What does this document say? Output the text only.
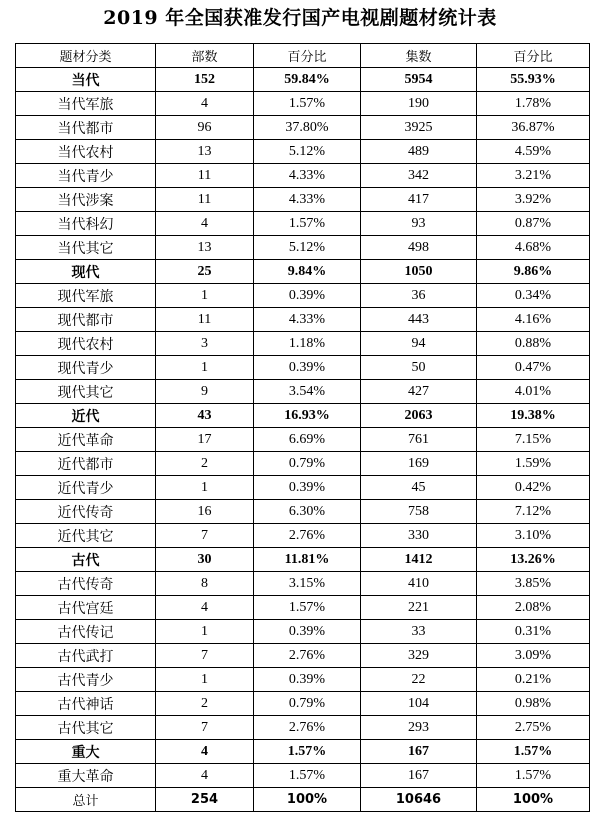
2019 年全国获准发行国产电视剧题材统计表
题材分类	部数	百分比	集数	百分比
当代	152	59.84%	5954	55.93%
当代军旅	4	1.57%	190	1.78%
当代都市	96	37.80%	3925	36.87%
当代农村	13	5.12%	489	4.59%
当代青少	11	4.33%	342	3.21%
当代涉案	11	4.33%	417	3.92%
当代科幻	4	1.57%	93	0.87%
当代其它	13	5.12%	498	4.68%
现代	25	9.84%	1050	9.86%
现代军旅	1	0.39%	36	0.34%
现代都市	11	4.33%	443	4.16%
现代农村	3	1.18%	94	0.88%
现代青少	1	0.39%	50	0.47%
现代其它	9	3.54%	427	4.01%
近代	43	16.93%	2063	19.38%
近代革命	17	6.69%	761	7.15%
近代都市	2	0.79%	169	1.59%
近代青少	1	0.39%	45	0.42%
近代传奇	16	6.30%	758	7.12%
近代其它	7	2.76%	330	3.10%
古代	30	11.81%	1412	13.26%
古代传奇	8	3.15%	410	3.85%
古代宫廷	4	1.57%	221	2.08%
古代传记	1	0.39%	33	0.31%
古代武打	7	2.76%	329	3.09%
古代青少	1	0.39%	22	0.21%
古代神话	2	0.79%	104	0.98%
古代其它	7	2.76%	293	2.75%
重大	4	1.57%	167	1.57%
重大革命	4	1.57%	167	1.57%
总计	254	100%	10646	100%
